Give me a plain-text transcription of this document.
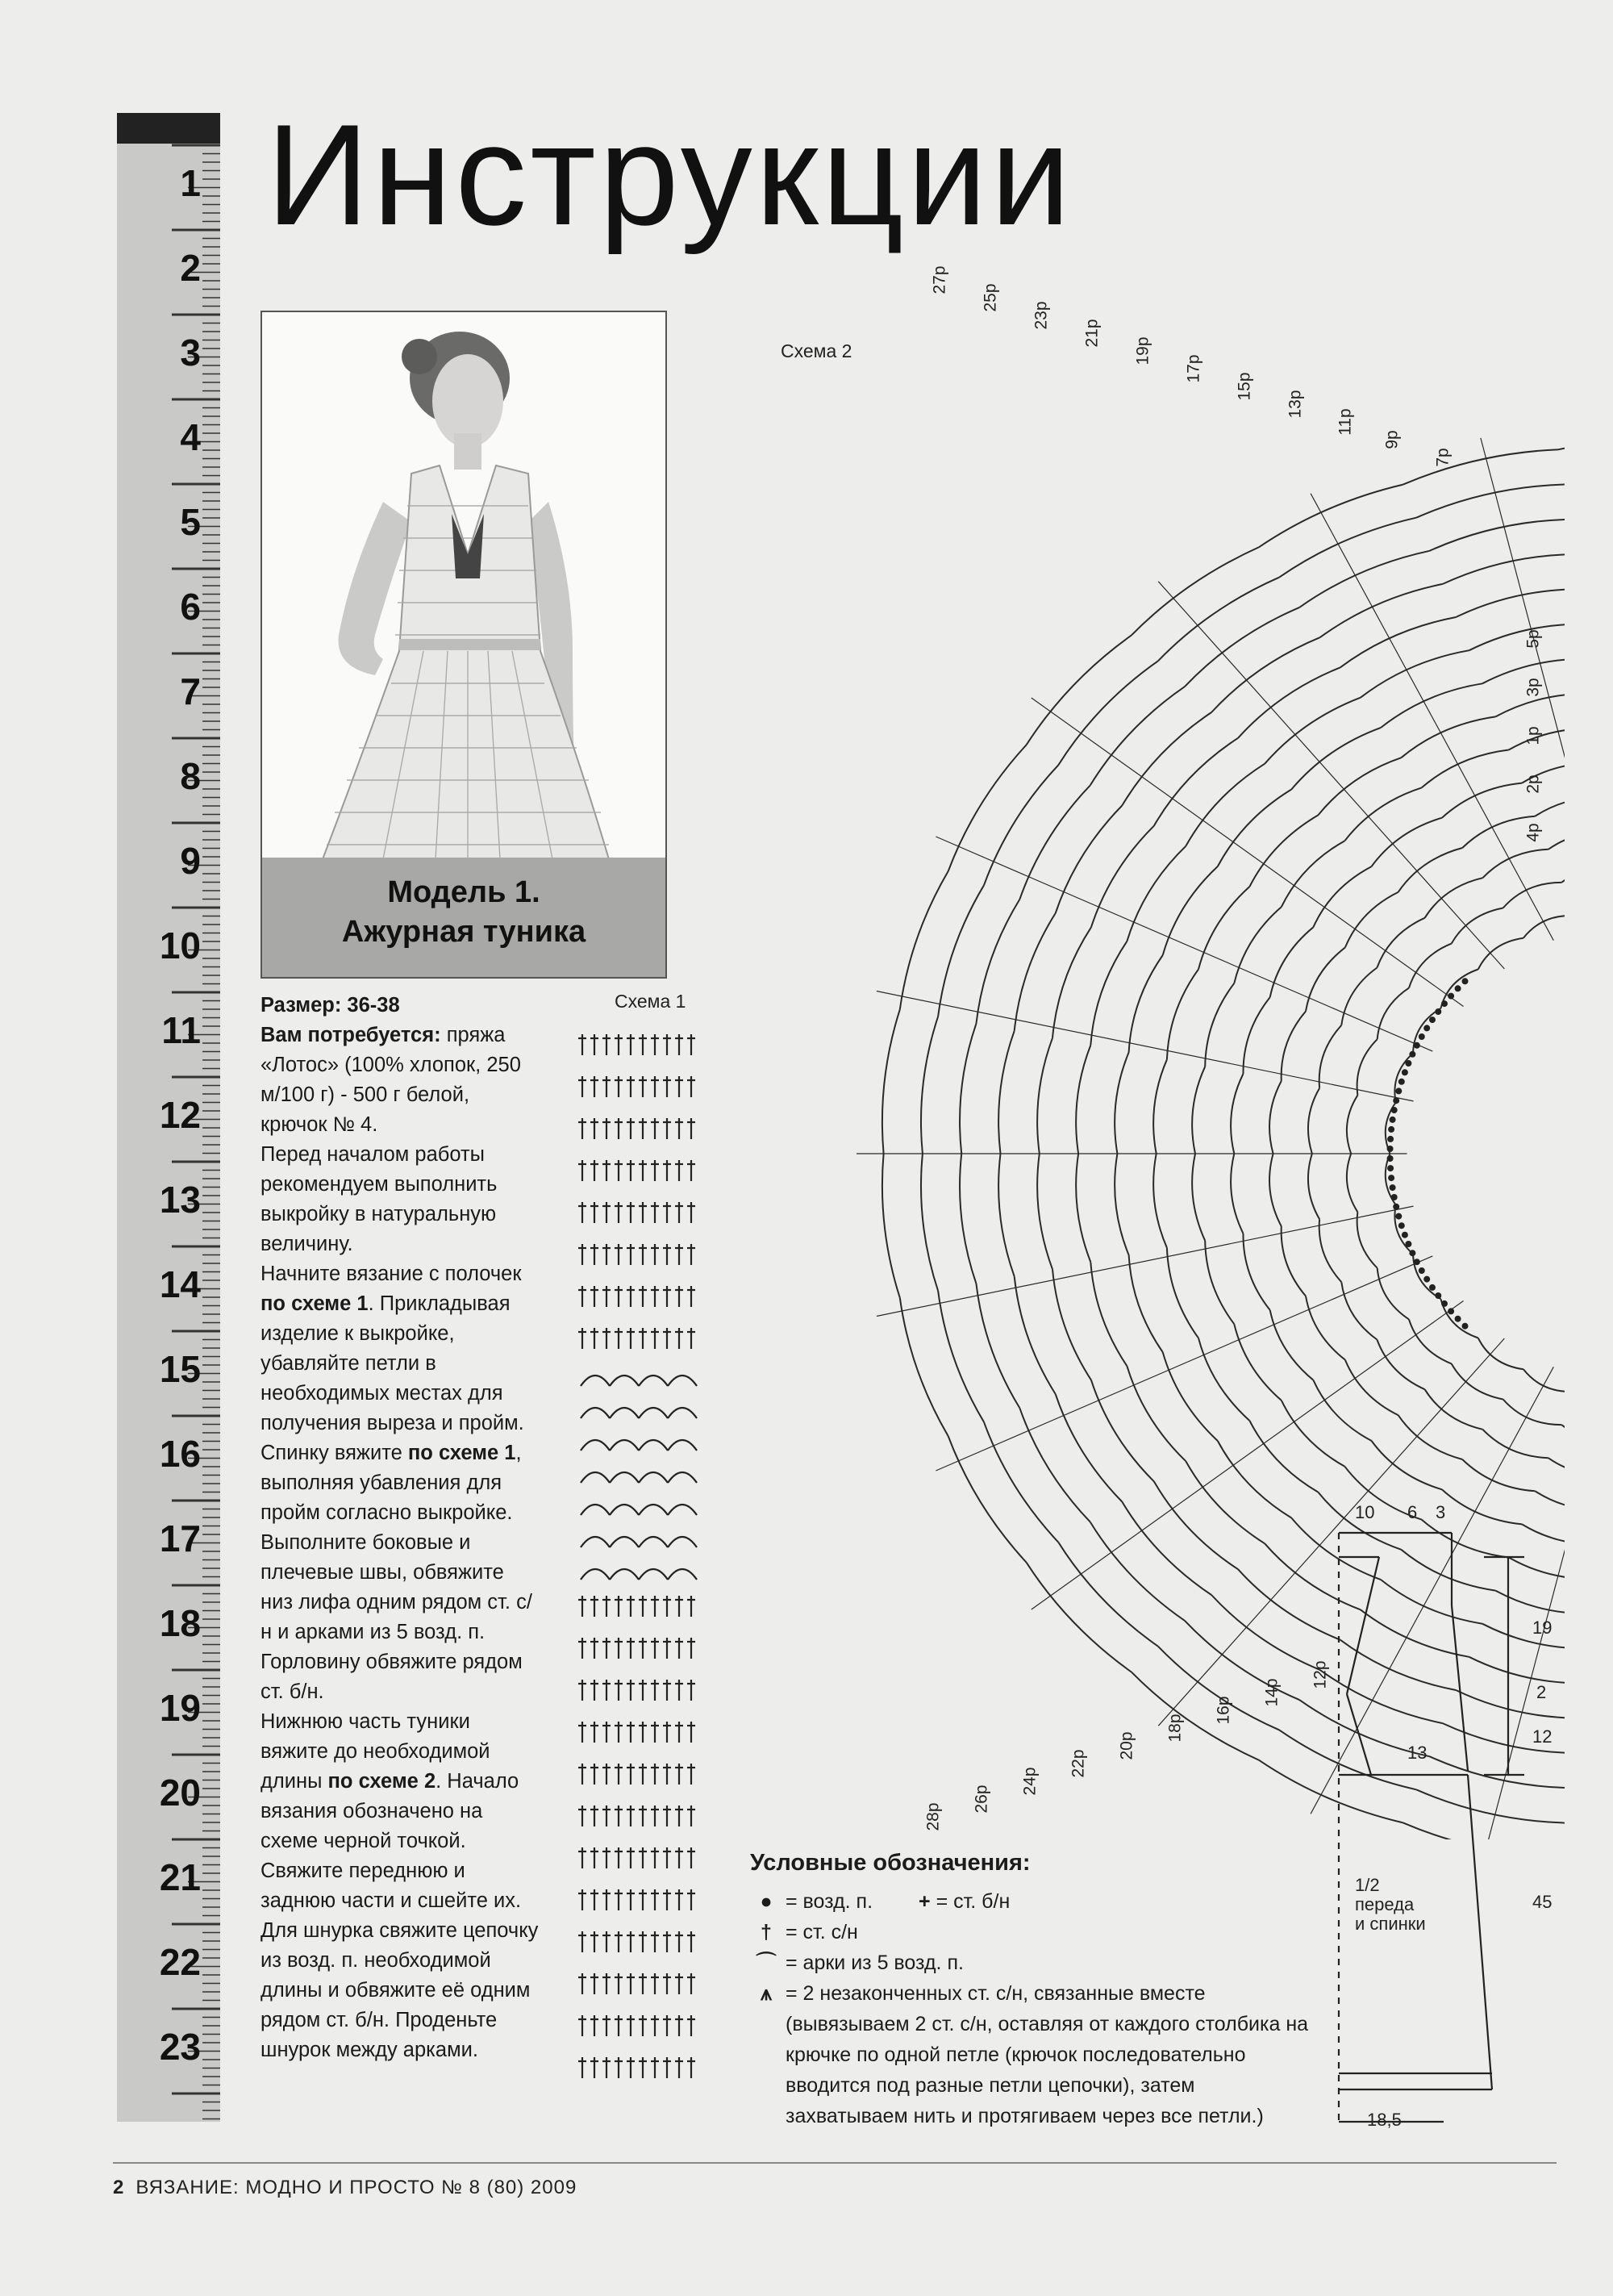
1
2
3
4
5
6
7
8
9
10
11
12
13
14
15
16
17
18
19
20
21
22
23
Инструкции
Модель 1.
Ажурная туника

Размер: 36-38

Вам потребуется: пряжа «Лотос» (100% хлопок, 250 м/100 г) - 500 г белой, крючок № 4.

Перед началом работы рекомендуем выполнить выкройку в натуральную величину.

Начните вязание с полочек по схеме 1. Прикладывая изделие к выкройке, убавляйте петли в необходимых местах для получения выреза и пройм.

Спинку вяжите по схеме 1, выполняя убавления для пройм согласно выкройке.

Выполните боковые и плечевые швы, обвяжите низ лифа одним рядом ст. с/н и арками из 5 возд. п. Горловину обвяжите рядом ст. б/н.

Нижнюю часть туники вяжите до необходимой длины по схеме 2. Начало вязания обозначено на схеме черной точкой. Свяжите переднюю и заднюю части и сшейте их.

Для шнурка свяжите цепочку из возд. п. необходимой длины и обвяжите её одним рядом ст. б/н. Проденьте шнурок между арками.

Схема 1
Схема 2
27р
25р
23р
21р
19р
17р
15р
13р
11р
9р
7р
28р
26р
24р
22р
20р
18р
16р
14р
12р
5р
3р
1р
2р
4р
10 6 3
19
2
12
45
13
18,5
1/2
переда
и спинки
Условные обозначения:
● = возд. п. + = ст. б/н
† = ст. с/н
⌒ = арки из 5 возд. п.
⩚ = 2 незаконченных ст. с/н, связанные вместе (вывязываем 2 ст. с/н, оставляя от каждого столбика на крючке по одной петле (крючок последовательно вводится под разные петли цепочки), затем захватываем нить и протягиваем через все петли.)
2 ВЯЗАНИЕ: МОДНО И ПРОСТО № 8 (80) 2009
